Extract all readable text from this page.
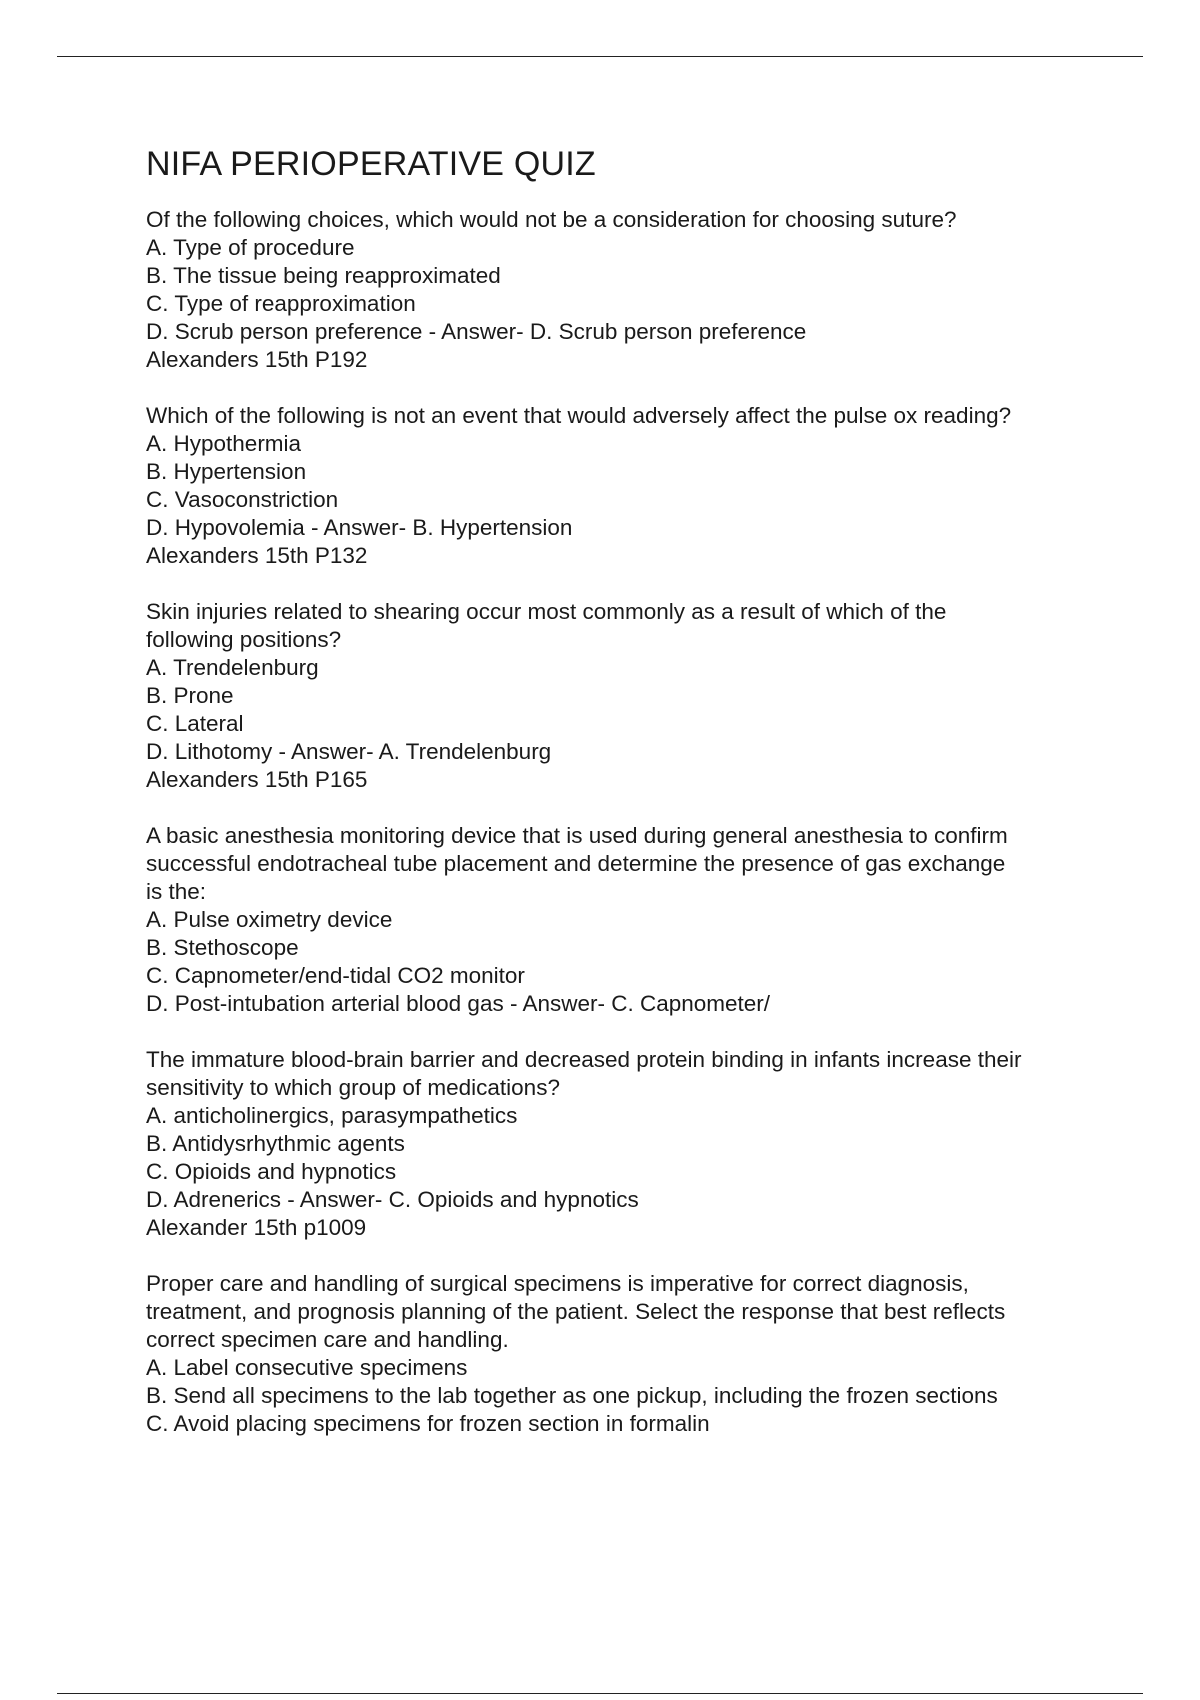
NIFA PERIOPERATIVE QUIZ

Of the following choices, which would not be a consideration for choosing suture?

A. Type of procedure

B. The tissue being reapproximated

C. Type of reapproximation

D. Scrub person preference - Answer- D. Scrub person preference

Alexanders 15th P192

Which of the following is not an event that would adversely affect the pulse ox reading?

A. Hypothermia

B. Hypertension

C. Vasoconstriction

D. Hypovolemia - Answer- B. Hypertension

Alexanders 15th P132

Skin injuries related to shearing occur most commonly as a result of which of the

following positions?

A. Trendelenburg

B. Prone

C. Lateral

D. Lithotomy - Answer- A. Trendelenburg

Alexanders 15th P165

A basic anesthesia monitoring device that is used during general anesthesia to confirm

successful endotracheal tube placement and determine the presence of gas exchange

is the:

A. Pulse oximetry device

B. Stethoscope

C. Capnometer/end-tidal CO2 monitor

D. Post-intubation arterial blood gas - Answer- C. Capnometer/

The immature blood-brain barrier and decreased protein binding in infants increase their

sensitivity to which group of medications?

A. anticholinergics, parasympathetics

B. Antidysrhythmic agents

C. Opioids and hypnotics

D. Adrenerics - Answer- C. Opioids and hypnotics

Alexander 15th p1009

Proper care and handling of surgical specimens is imperative for correct diagnosis,

treatment, and prognosis planning of the patient. Select the response that best reflects

correct specimen care and handling.

A. Label consecutive specimens

B. Send all specimens to the lab together as one pickup, including the frozen sections

C. Avoid placing specimens for frozen section in formalin
